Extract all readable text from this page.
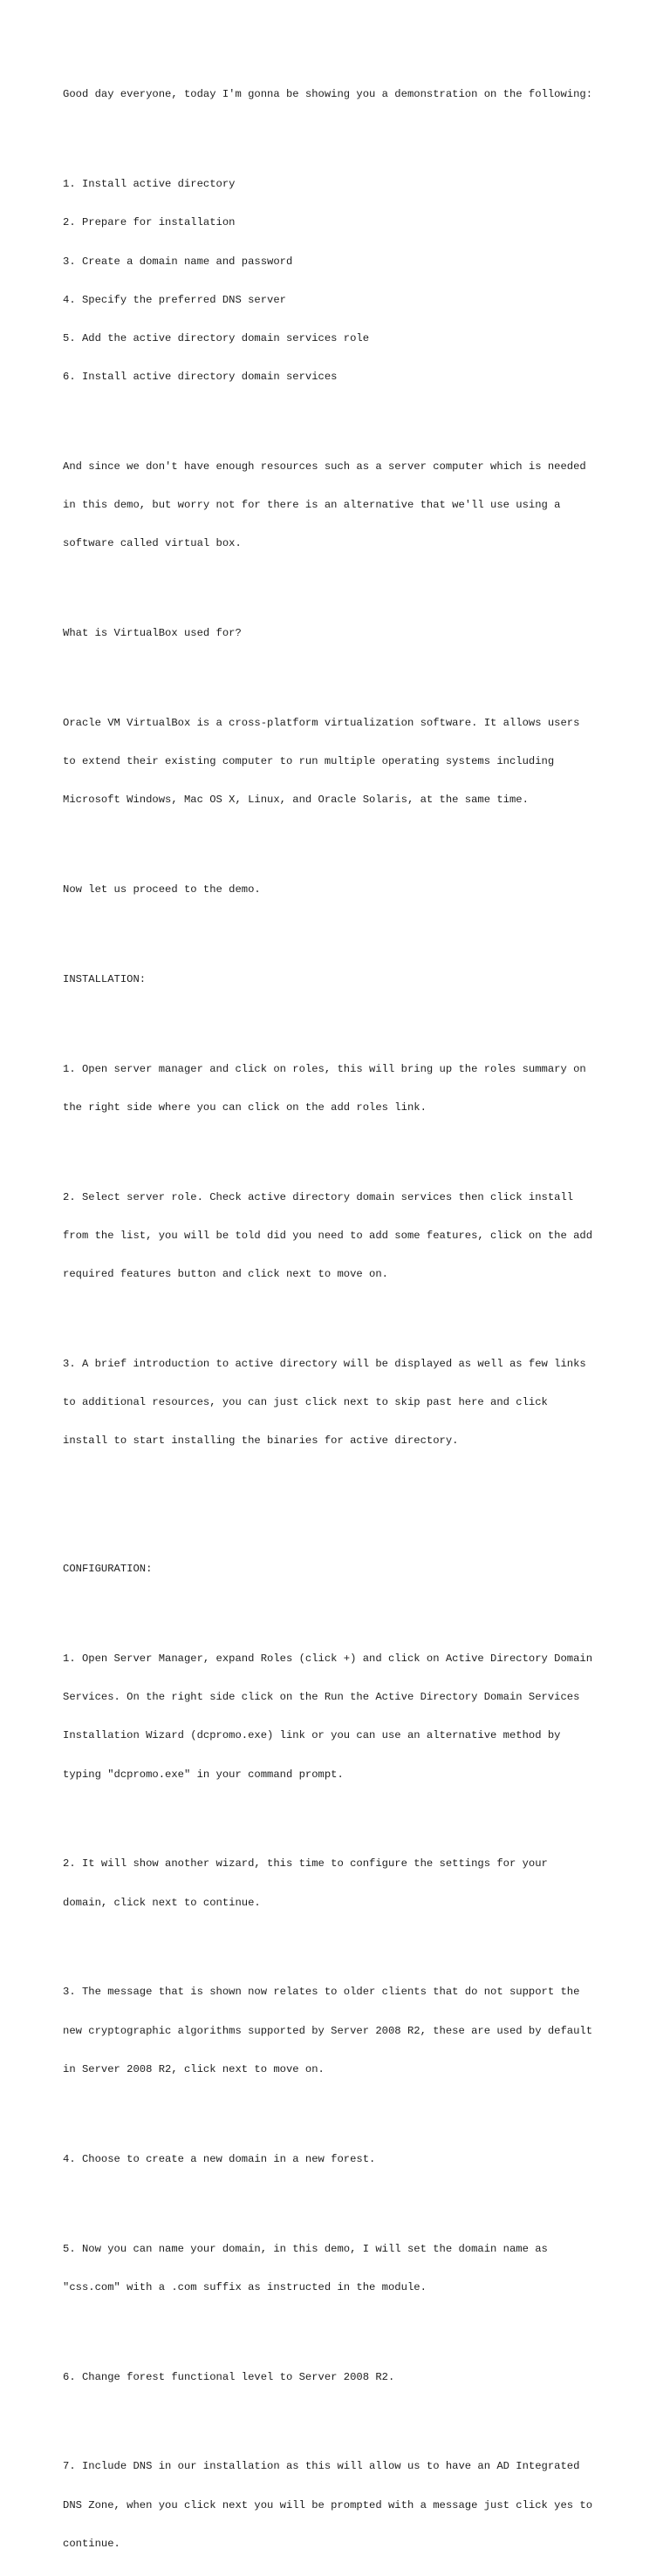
Good day everyone, today I'm gonna be showing you a demonstration on the following:

1. Install active directory

2. Prepare for installation

3. Create a domain name and password

4. Specify the preferred DNS server

5. Add the active directory domain services role

6. Install active directory domain services

And since we don't have enough resources such as a server computer which is needed

in this demo, but worry not for there is an alternative that we'll use using a

software called virtual box.

What is VirtualBox used for?

Oracle VM VirtualBox is a cross-platform virtualization software. It allows users

to extend their existing computer to run multiple operating systems including

Microsoft Windows, Mac OS X, Linux, and Oracle Solaris, at the same time.

Now let us proceed to the demo.

INSTALLATION:

1. Open server manager and click on roles, this will bring up the roles summary on

the right side where you can click on the add roles link.

2. Select server role. Check active directory domain services then click install

from the list, you will be told did you need to add some features, click on the add

required features button and click next to move on.

3. A brief introduction to active directory will be displayed as well as few links

to additional resources, you can just click next to skip past here and click

install to start installing the binaries for active directory.

CONFIGURATION:

1. Open Server Manager, expand Roles (click +) and click on Active Directory Domain

Services. On the right side click on the Run the Active Directory Domain Services

Installation Wizard (dcpromo.exe) link or you can use an alternative method by

typing "dcpromo.exe" in your command prompt.

2. It will show another wizard, this time to configure the settings for your

domain, click next to continue.

3. The message that is shown now relates to older clients that do not support the

new cryptographic algorithms supported by Server 2008 R2, these are used by default

in Server 2008 R2, click next to move on.

4. Choose to create a new domain in a new forest.

5. Now you can name your domain, in this demo, I will set the domain name as

"css.com" with a .com suffix as instructed in the module.

6. Change forest functional level to Server 2008 R2.

7. Include DNS in our installation as this will allow us to have an AD Integrated

DNS Zone, when you click next you will be prompted with a message just click yes to

continue.
